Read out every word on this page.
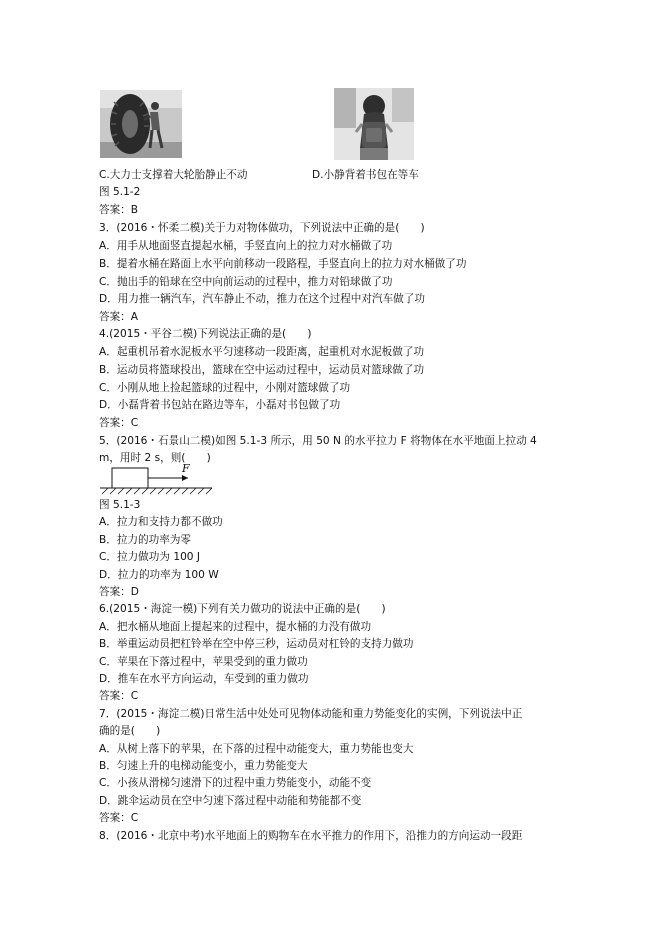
C.大力士支撑着大轮胎静止不动	D.小静背着书包在等车
图 5.1-2
答案：B
3．(2016・怀柔二模)关于力对物体做功，下列说法中正确的是(　　)
A．用手从地面竖直提起水桶，手竖直向上的拉力对水桶做了功
B．提着水桶在路面上水平向前移动一段路程，手竖直向上的拉力对水桶做了功
C．抛出手的铅球在空中向前运动的过程中，推力对铅球做了功
D．用力推一辆汽车，汽车静止不动，推力在这个过程中对汽车做了功
答案：A
4.(2015・平谷二模)下列说法正确的是(　　)
A．起重机吊着水泥板水平匀速移动一段距离，起重机对水泥板做了功
B．运动员将篮球投出，篮球在空中运动过程中，运动员对篮球做了功
C．小刚从地上捡起篮球的过程中，小刚对篮球做了功
D．小磊背着书包站在路边等车，小磊对书包做了功
答案：C
5．(2016・石景山二模)如图 5.1-3 所示，用 50 N 的水平拉力 F 将物体在水平地面上拉动 4
m，用时 2 s，则(　　)
F
图 5.1-3
A．拉力和支持力都不做功
B．拉力的功率为零
C．拉力做功为 100 J
D．拉力的功率为 100 W
答案：D
6.(2015・海淀一模)下列有关力做功的说法中正确的是(　　)
A．把水桶从地面上提起来的过程中，提水桶的力没有做功
B．举重运动员把杠铃举在空中停三秒，运动员对杠铃的支持力做功
C．苹果在下落过程中，苹果受到的重力做功
D．推车在水平方向运动，车受到的重力做功
答案：C
7．(2015・海淀二模)日常生活中处处可见物体动能和重力势能变化的实例，下列说法中正
确的是(　　)
A．从树上落下的苹果，在下落的过程中动能变大，重力势能也变大
B．匀速上升的电梯动能变小，重力势能变大
C．小孩从滑梯匀速滑下的过程中重力势能变小，动能不变
D．跳伞运动员在空中匀速下落过程中动能和势能都不变
答案：C
8．(2016・北京中考)水平地面上的购物车在水平推力的作用下，沿推力的方向运动一段距
